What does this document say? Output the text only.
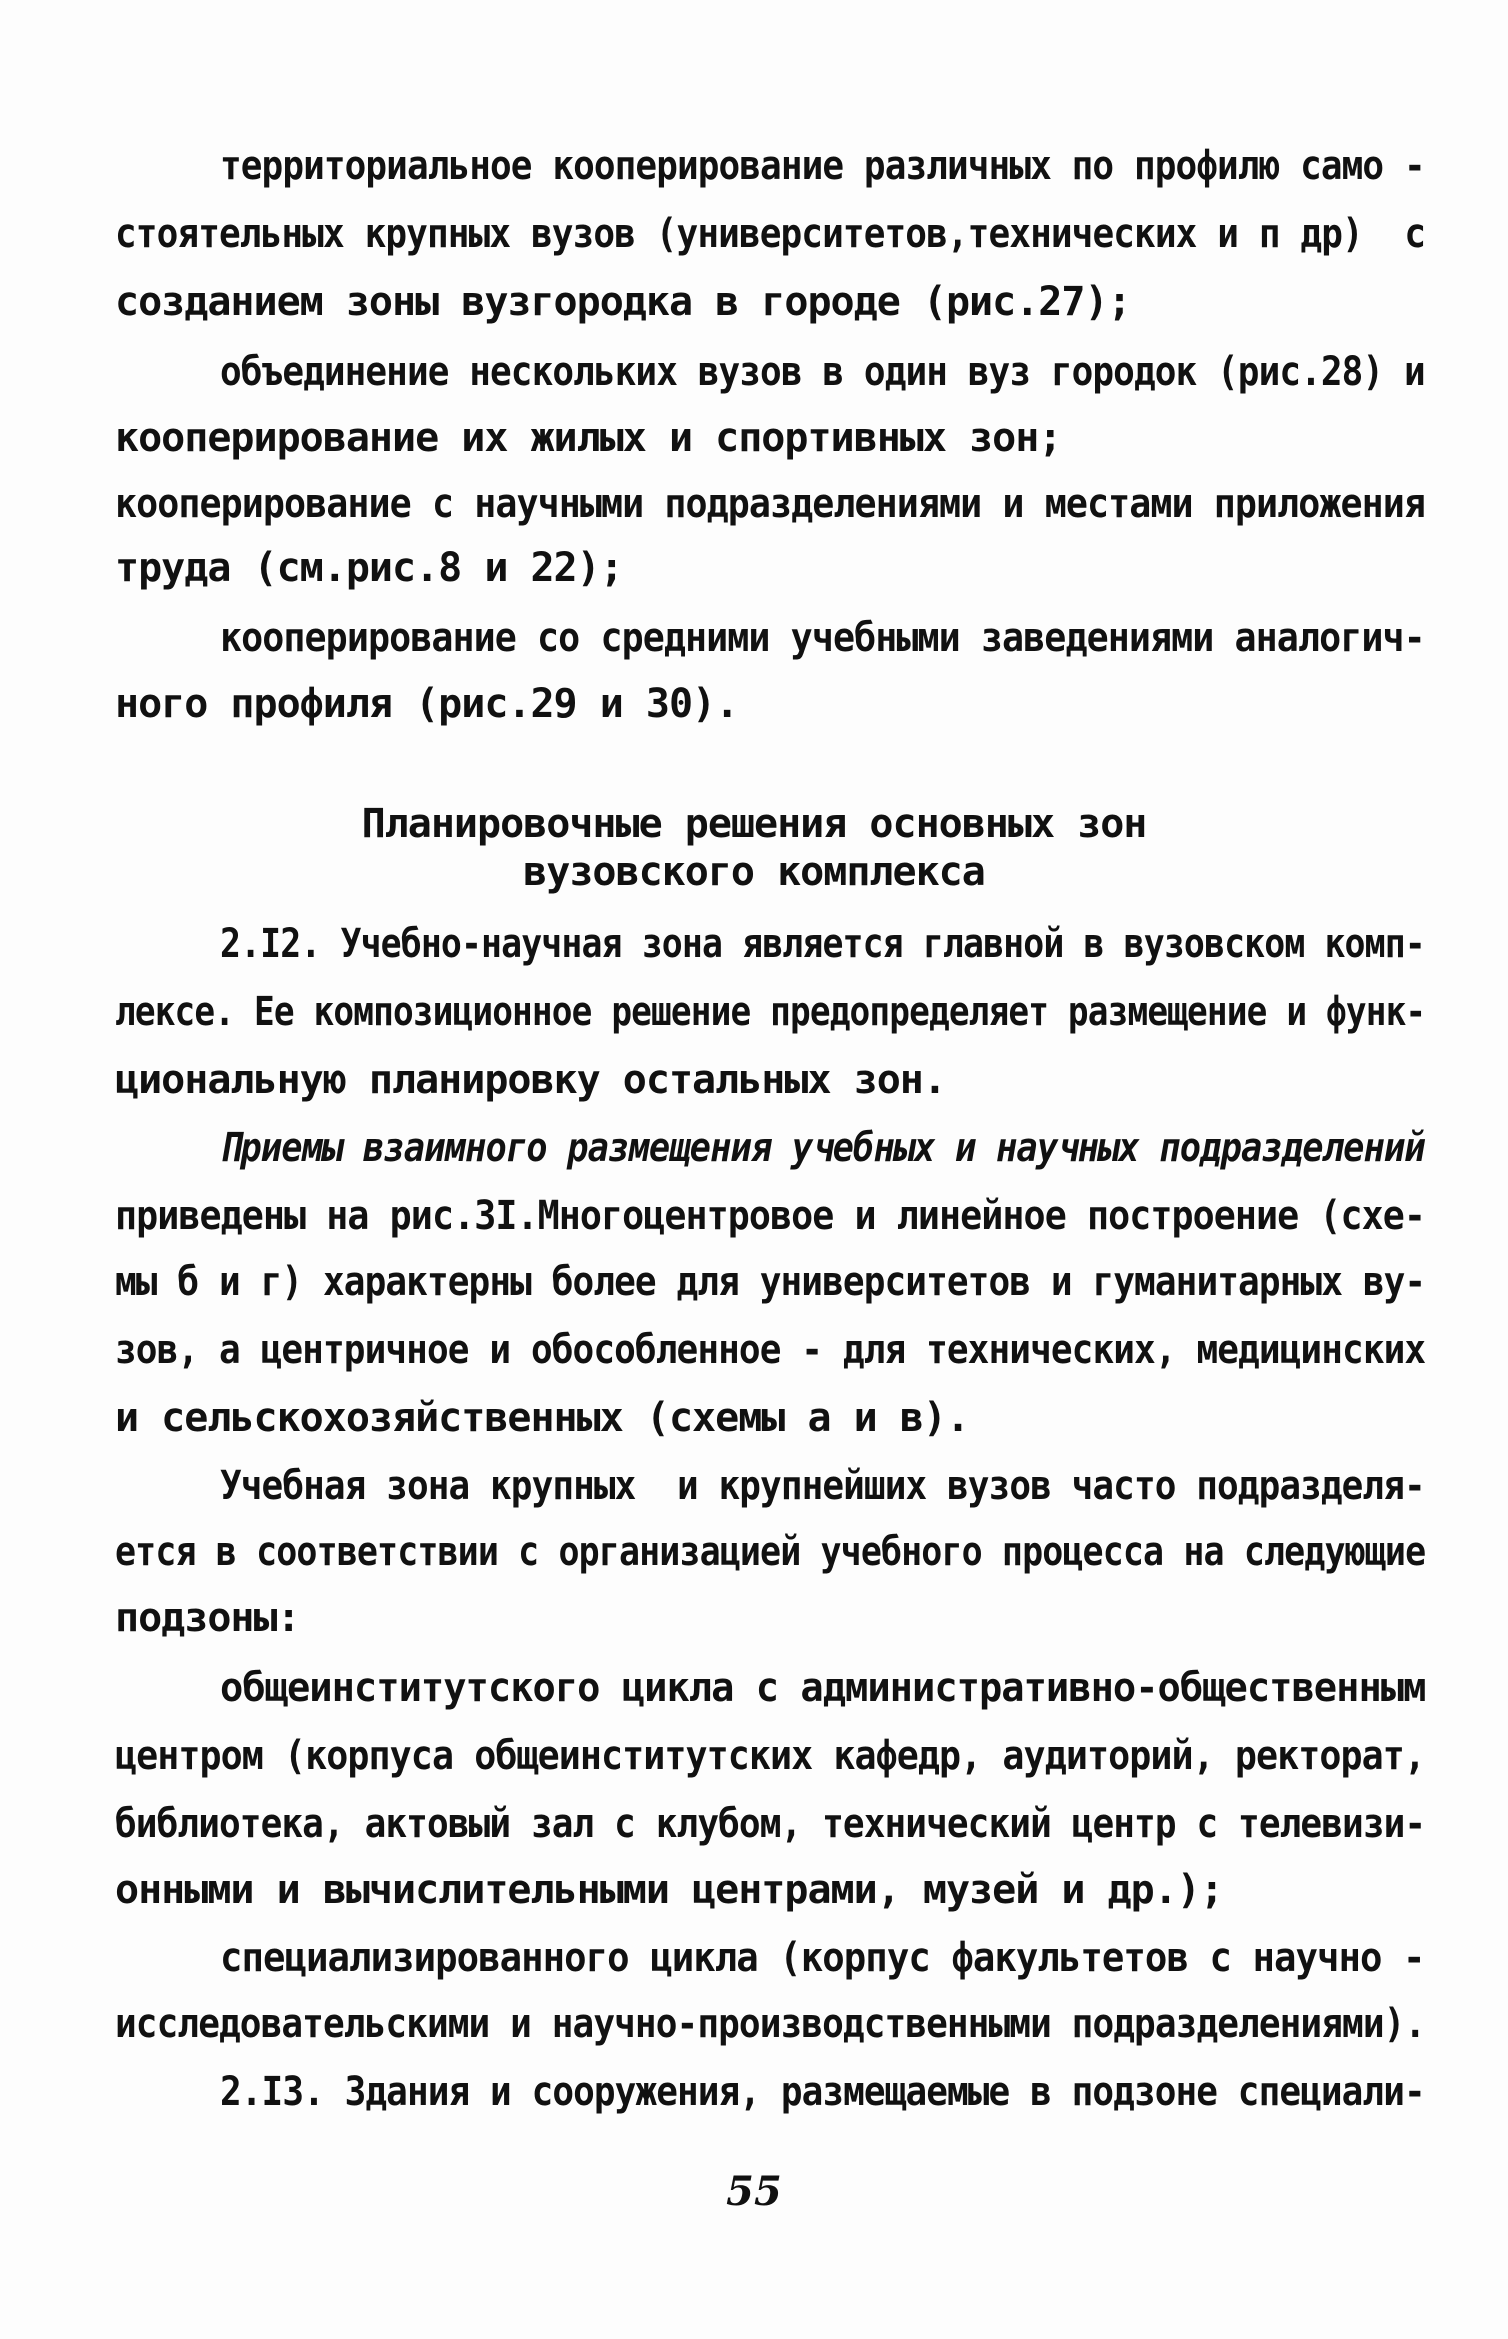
территориальное кооперирование различных по профилю само -
стоятельных крупных вузов (университетов,технических и п др)  с
созданием зоны вузгородка в городе (рис.27);
объединение нескольких вузов в один вуз городок (рис.28) и
кооперирование их жилых и спортивных зон;
кооперирование с научными подразделениями и местами приложения
труда (см.рис.8 и 22);
кооперирование со средними учебными заведениями аналогич-
ного профиля (рис.29 и 30).
2.I2. Учебно-научная зона является главной в вузовском комп-
лексе. Ее композиционное решение предопределяет размещение и функ-
циональную планировку остальных зон.
приведены на рис.3I.Многоцентровое и линейное построение (схе-
мы б и г) характерны более для университетов и гуманитарных ву-
зов, а центричное и обособленное - для технических, медицинских
и сельскохозяйственных (схемы а и в).
Учебная зона крупных  и крупнейших вузов часто подразделя-
ется в соответствии с организацией учебного процесса на следующие
подзоны:
общеинститутского цикла с административно-общественным
центром (корпуса общеинститутских кафедр, аудиторий, ректорат,
библиотека, актовый зал с клубом, технический центр с телевизи-
онными и вычислительными центрами, музей и др.);
специализированного цикла (корпус факультетов с научно -
исследовательскими и научно-производственными подразделениями).
2.I3. Здания и сооружения, размещаемые в подзоне специали-
Планировочные решения основных зон
вузовского комплекса
Приемы взаимного размещения учебных и научных подразделений
55
